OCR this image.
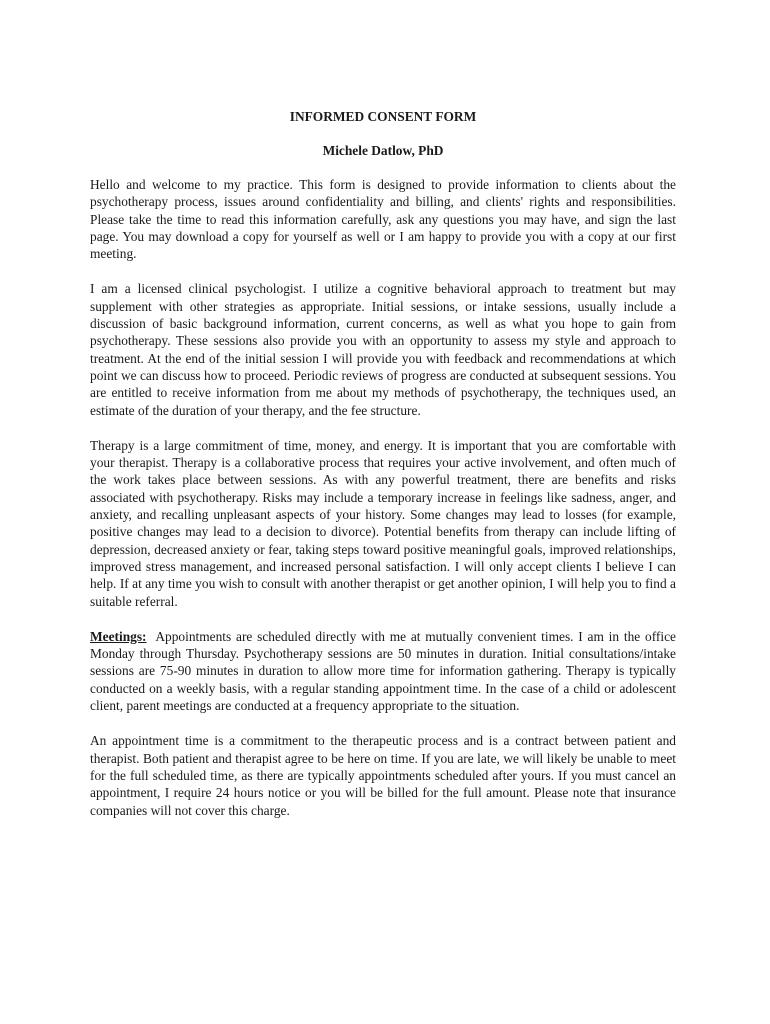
INFORMED CONSENT FORM

Michele Datlow, PhD

Hello and welcome to my practice. This form is designed to provide information to clients about the psychotherapy process, issues around confidentiality and billing, and clients' rights and responsibilities. Please take the time to read this information carefully, ask any questions you may have, and sign the last page. You may download a copy for yourself as well or I am happy to provide you with a copy at our first meeting.

I am a licensed clinical psychologist. I utilize a cognitive behavioral approach to treatment but may supplement with other strategies as appropriate. Initial sessions, or intake sessions, usually include a discussion of basic background information, current concerns, as well as what you hope to gain from psychotherapy. These sessions also provide you with an opportunity to assess my style and approach to treatment. At the end of the initial session I will provide you with feedback and recommendations at which point we can discuss how to proceed. Periodic reviews of progress are conducted at subsequent sessions. You are entitled to receive information from me about my methods of psychotherapy, the techniques used, an estimate of the duration of your therapy, and the fee structure.

Therapy is a large commitment of time, money, and energy. It is important that you are comfortable with your therapist. Therapy is a collaborative process that requires your active involvement, and often much of the work takes place between sessions. As with any powerful treatment, there are benefits and risks associated with psychotherapy. Risks may include a temporary increase in feelings like sadness, anger, and anxiety, and recalling unpleasant aspects of your history. Some changes may lead to losses (for example, positive changes may lead to a decision to divorce). Potential benefits from therapy can include lifting of depression, decreased anxiety or fear, taking steps toward positive meaningful goals, improved relationships, improved stress management, and increased personal satisfaction. I will only accept clients I believe I can help. If at any time you wish to consult with another therapist or get another opinion, I will help you to find a suitable referral.

Meetings: Appointments are scheduled directly with me at mutually convenient times. I am in the office Monday through Thursday. Psychotherapy sessions are 50 minutes in duration. Initial consultations/intake sessions are 75-90 minutes in duration to allow more time for information gathering. Therapy is typically conducted on a weekly basis, with a regular standing appointment time. In the case of a child or adolescent client, parent meetings are conducted at a frequency appropriate to the situation.

An appointment time is a commitment to the therapeutic process and is a contract between patient and therapist. Both patient and therapist agree to be here on time. If you are late, we will likely be unable to meet for the full scheduled time, as there are typically appointments scheduled after yours. If you must cancel an appointment, I require 24 hours notice or you will be billed for the full amount. Please note that insurance companies will not cover this charge.
